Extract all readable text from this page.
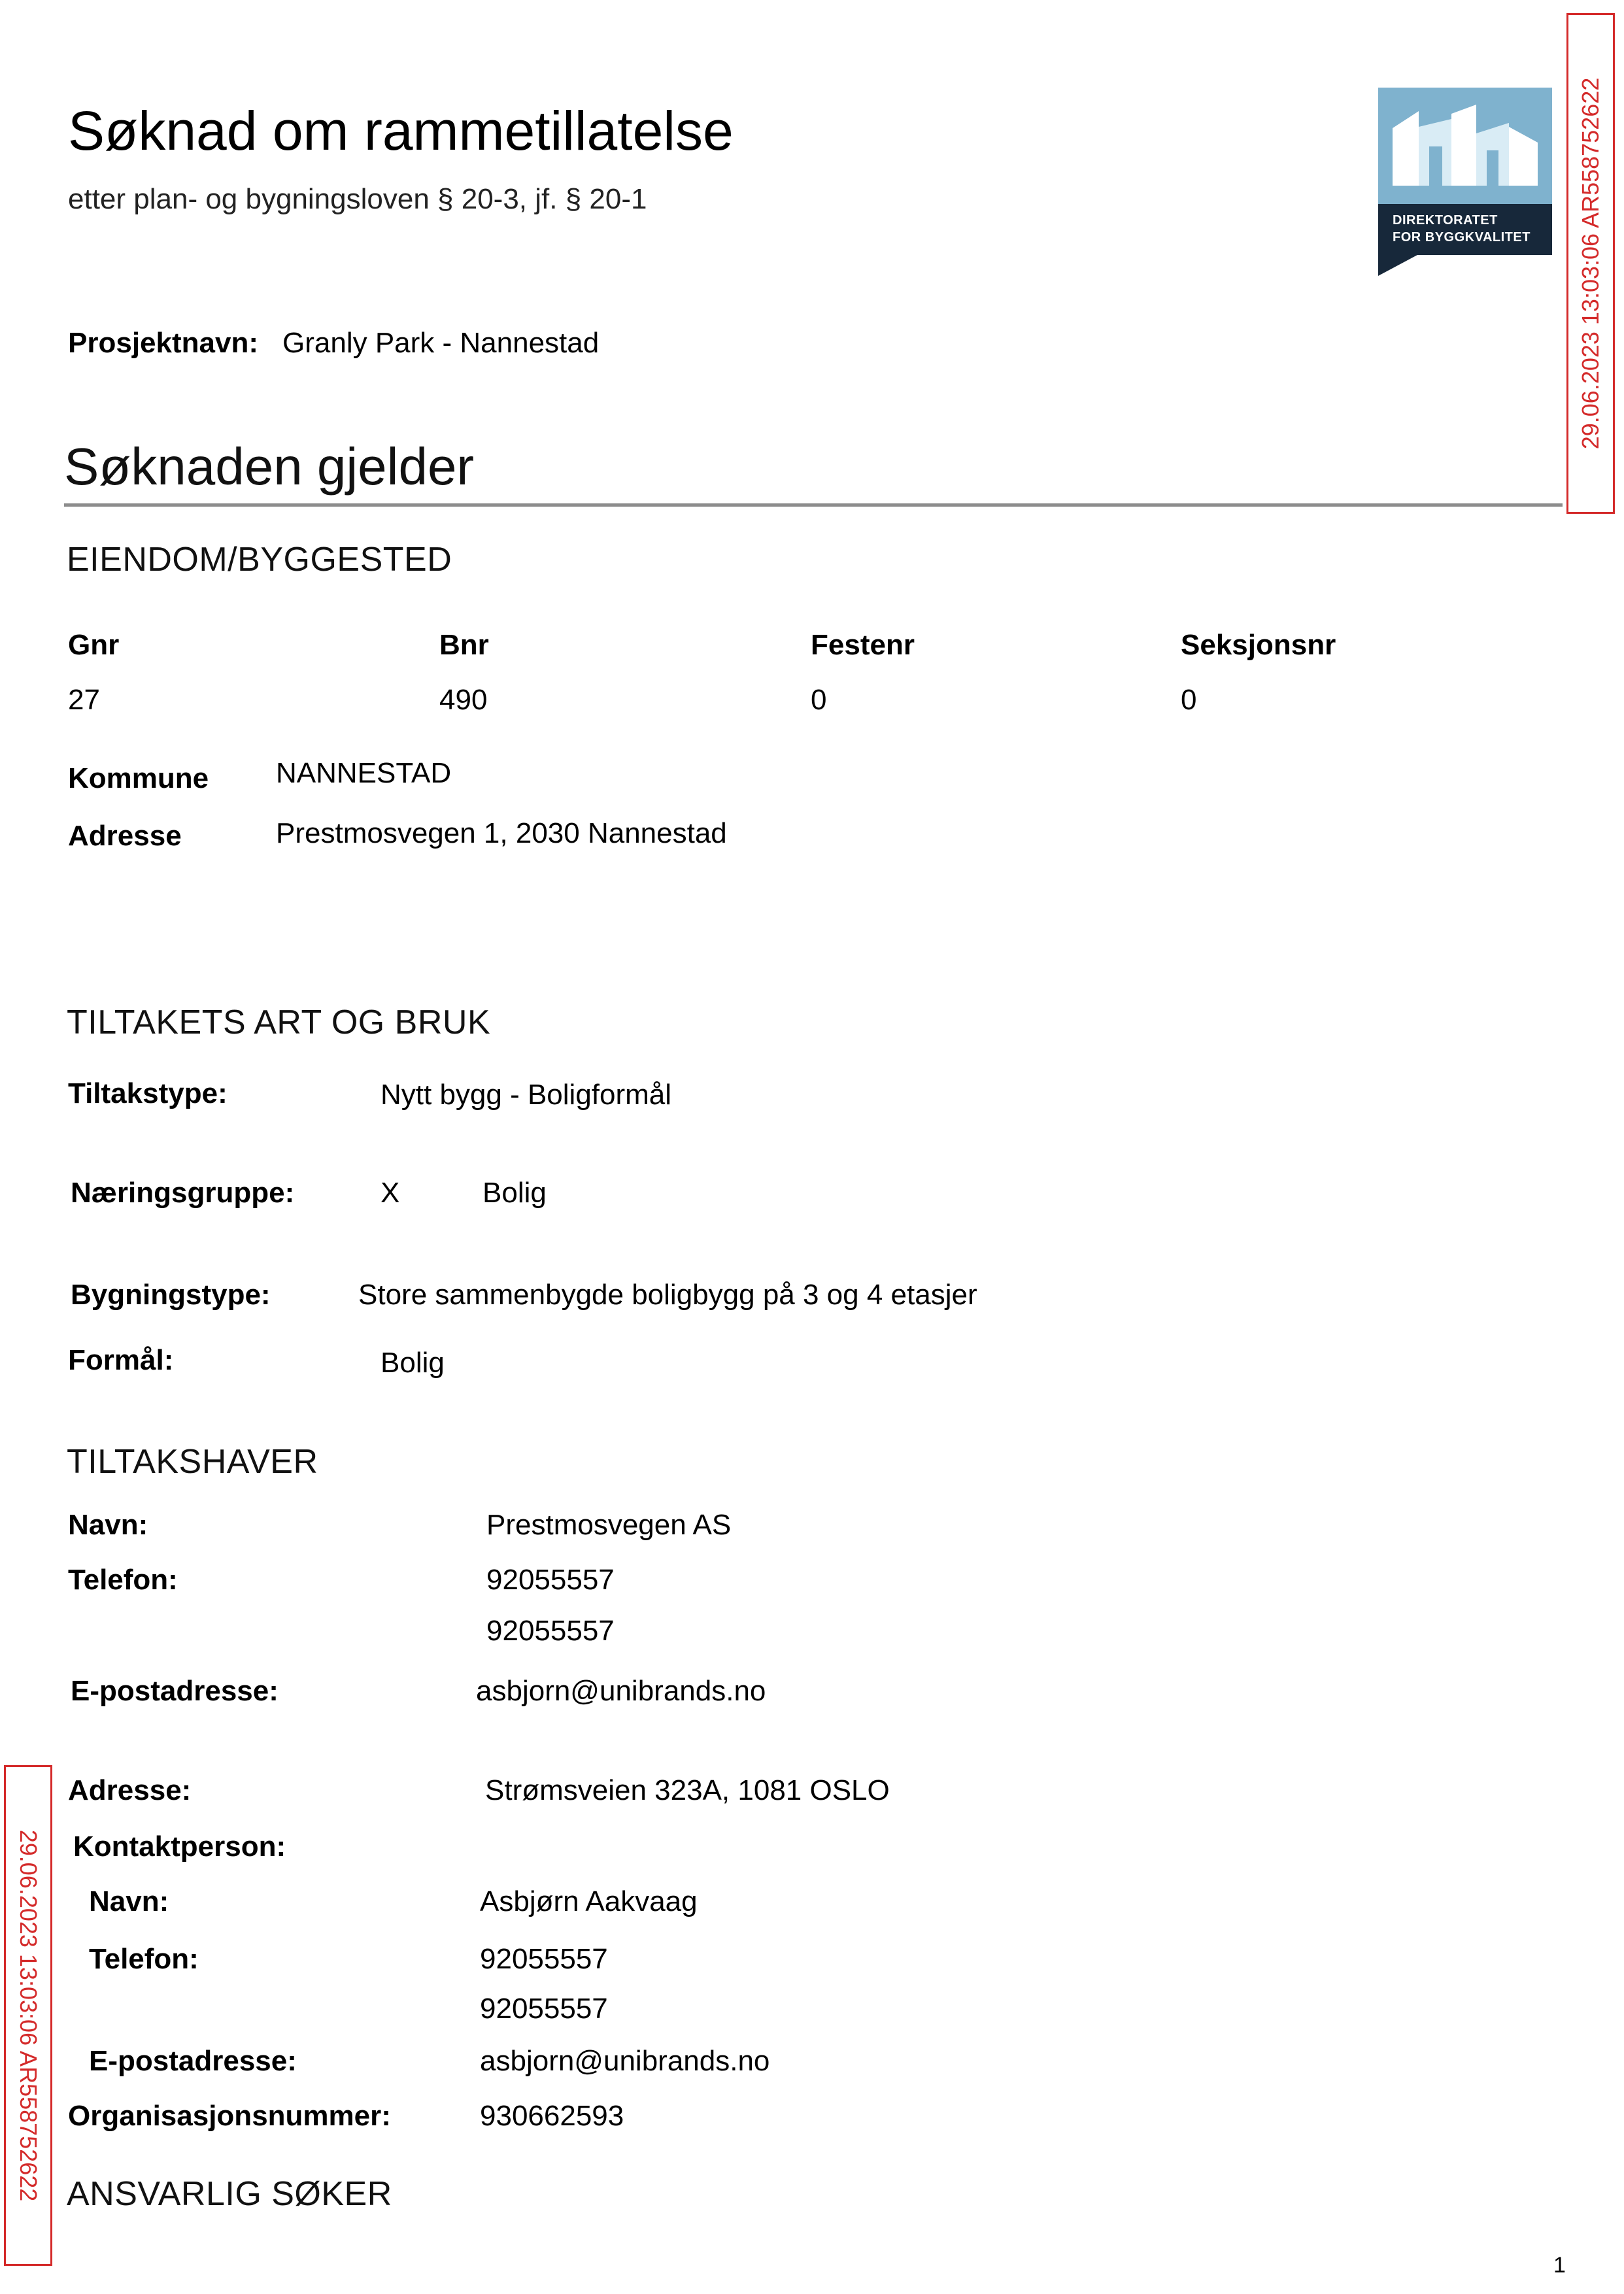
Søknad om rammetillatelse
etter plan- og bygningsloven § 20-3, jf. § 20-1
DIREKTORATET
FOR BYGGKVALITET 29.06.2023 13:03:06 AR558752622
29.06.2023 13:03:06 AR558752622
Prosjektnavn: Granly Park - Nannestad
Søknaden gjelder
EIENDOM/BYGGESTED
Gnr	Bnr	Festenr	Seksjonsnr
27	490	0	0
Kommune NANNESTAD
Adresse	Prestmosvegen 1, 2030 Nannestad
TILTAKETS ART OG BRUK
Tiltakstype:	Nytt bygg - Boligformål
Næringsgruppe:	X	Bolig
Bygningstype:	Store sammenbygde boligbygg på 3 og 4 etasjer
Formål:	Bolig
TILTAKSHAVER
Navn:	Prestmosvegen AS
Telefon:	92055557
92055557
E-postadresse:	asbjorn@unibrands.no
Adresse:	Strømsveien 323A, 1081 OSLO
Kontaktperson:
Navn:	Asbjørn Aakvaag
Telefon:	92055557
92055557
E-postadresse:	asbjorn@unibrands.no
Organisasjonsnummer:	930662593
ANSVARLIG SØKER
1
